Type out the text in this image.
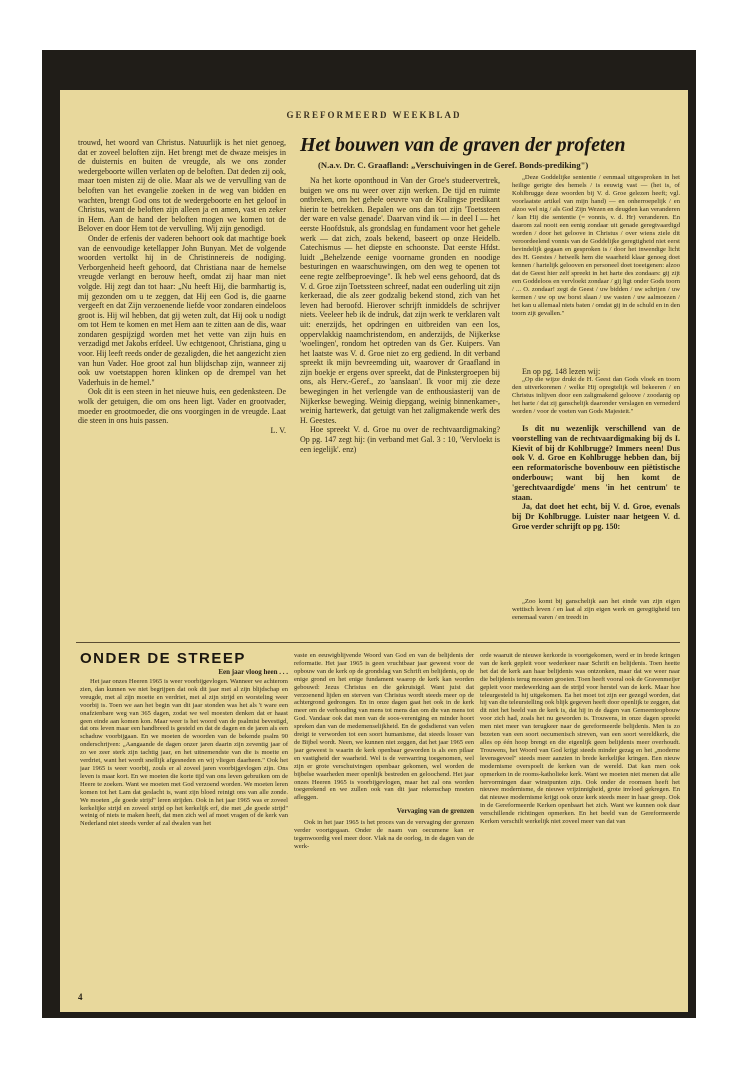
GEREFORMEERD WEEKBLAD

trouwd, het woord van Christus. Natuurlijk is het niet genoeg, dat er zoveel beloften zijn. Het brengt met de dwaze meisjes in de duisternis en buiten de vreugde, als we ons zonder wedergeboorte willen verlaten op de beloften. Dat deden zij ook, maar toen misten zij de olie. Maar als we de vervulling van de beloften van het evangelie zoeken in de weg van bidden en wachten, brengt God ons tot de wedergeboorte en het geloof in Christus, want de beloften zijn alleen ja en amen, vast en zeker in Hem. Aan de hand der beloften mogen we komen tot de Belover en door Hem tot de vervulling. Wij zijn genodigd.

Onder de erfenis der vaderen behoort ook dat machtige boek van de eenvoudige ketellapper John Bunyan. Met de volgende woorden vertolkt hij in de Christinnereis de nodiging. Verborgenheid heeft gehoord, dat Christiana naar de hemelse vreugde verlangt en berouw heeft, omdat zij haar man niet volgde. Hij zegt dan tot haar: „Nu heeft Hij, die barmhartig is, mij gezonden om u te zeggen, dat Hij een God is, die gaarne vergeeft en dat Zijn verzoenende liefde voor zondaren eindeloos groot is. Hij wil hebben, dat gij weten zult, dat Hij ook u nodigt om tot Hem te komen en met Hem aan te zitten aan de dis, waar zondaren gespijzigd worden met het vette van zijn huis en verzadigd met Jakobs erfdeel. Uw echtgenoot, Christiana, ging u voor. Hij leeft reeds onder de gezaligden, die het aangezicht zien van hun Vader. Hoe groot zal hun blijdschap zijn, wanneer zij ook uw voetstappen horen klinken op de drempel van het Vaderhuis in de hemel."

Ook dit is een steen in het nieuwe huis, een gedenksteen. De wolk der getuigen, die om ons heen ligt. Vader en grootvader, moeder en grootmoeder, die ons voorgingen in de vreugde. Laat die steen in ons huis passen.

L. V.

Het bouwen van de graven der profeten
(N.a.v. Dr. C. Graafland: „Verschuivingen in de Geref. Bonds-prediking")

Na het korte oponthoud in Van der Groe's studeervertrek, buigen we ons nu weer over zijn werken. De tijd en ruimte ontbreken, om het gehele oeuvre van de Kralingse predikant hierin te betrekken. Bepalen we ons dan tot zijn 'Toetssteen der ware en valse genade'. Daarvan vind ik — in deel I — het eerste Hoofdstuk, als grondslag en fundament voor het gehele werk — dat zich, zoals bekend, baseert op onze Heidelb. Catechismus — het diepste en schoonste. Dat eerste Hfdst. luidt „Behelzende eenige voorname gronden en noodige besturingen en waarschuwingen, om den weg te openen tot eene regte zelfbeproevinge". Ik heb wel eens gehoord, dat ds V. d. Groe zijn Toetssteen schreef, nadat een ouderling uit zijn kerkeraad, die als zeer godzalig bekend stond, zich van het leven had beroofd. Hierover schrijft inmiddels de schrijver niets. Veeleer heb ik de indruk, dat zijn werk te verklaren valt uit: enerzijds, het opdringen en uitbreiden van een los, oppervlakkig naamchristendom, en anderzijds, de Nijkerkse 'woelingen', rondom het optreden van ds Ger. Kuipers. Van het laatste was V. d. Groe niet zo erg gediend. In dit verband spreekt ik mijn bevreemding uit, waarover dr Graafland in zijn boekje er ergens over spreekt, dat de Pinkstergroepen bij ons, als Herv.-Geref., zo 'aanslaan'. Ik voor mij zie deze bewegingen in het verlengde van de enthousiasterij van de Nijkerkse beweging. Weinig diepgang, weinig binnenkamer-, weinig hartewerk, dat getuigt van het zaligmakende werk des H. Geestes.

Hoe spreekt V. d. Groe nu over de rechtvaardigmaking? Op pg. 147 zegt hij: (in verband met Gal. 3 : 10, 'Vervloekt is een iegelijk'. enz)

„Deze Goddelijke sententie / eenmaal uitgesproken in het heilige gerigte des hemels / is eeuwig vast — (het is, of Kohlbrugge deze woorden bij V. d. Groe gelezen heeft; vgl. voorlaatste artikel van mijn hand) — en onherroepelijk / en alzoo wel nig / als God Zijn Wezen en deugden kan veranderen / kan Hij die sententie (= vonnis, v. d. Hr) veranderen. En daarom zal nooit een eenig zondaar uit genade geregtvaardigd worden / door het geloove in Christus / over wiens ziele dit veroordeelend vonnis van de Goddelijke geregtigheid niet eerst bevindelijk gegaan en gesproken is / door het inwendige licht des H. Geestes / hetwelk hem die waarheid klaar genoeg doet kennen / hartelijk gelooven en personeel doet toeeigenen: alzoo dat de Geest hier zelf spreekt in het harte des zondaars: gij zijt een Goddeloos en vervloekt zondaar / gij ligt onder Gods toorn / ... O. zondaar! zegt de Geest / uw bidden / uw schrijen / uw kermen / uw op uw borst slaan / uw vasten / uw aalmoezen / het kan u allemaal niets baten / omdat gij in de schuld en in den toorn zijt gevallen."

En op pg. 148 lezen wij:

„Op die wijze drukt de H. Geest dan Gods vloek en toorn den uitverkorenen / welke Hij opregtelijk wil bekeeren / en Christus inlijven door een zaligmakend geloove / zoodanig op het harte / dat zij ganschelijk daaronder verslagen en vernederd worden / voor de voeten van Gods Majesteit."

Is dit nu wezenlijk verschillend van de voorstelling van de rechtvaardigmaking bij ds I. Kievit of bij dr Kohlbrugge? Immers neen! Dus ook V. d. Groe en Kohlbrugge hebben dan, bij een reformatorische bovenbouw een piëtistische onderbouw; want bij hen komt de 'gerechtvaardigde' mens 'in het centrum' te staan.

Ja, dat doet het echt, bij V. d. Groe, evenals bij Dr Kohlbrugge. Luister naar hetgeen V. d. Groe verder schrijft op pg. 150:

„Zoo komt bij ganschelijk aan het einde van zijn eigen wettisch leven / en laat al zijn eigen werk en geregtigheid ten eenemaal varen / en treedt in

ONDER DE STREEP
Een jaar vloog heen . . .

Het jaar onzes Heeren 1965 is weer voorbijgevlogen. Wanneer we achterom zien, dan kunnen we niet begrijpen dat ook dit jaar met al zijn blijdschap en vreugde, met al zijn moeite en verdriet, met al zijn strijd en worsteling weer voorbij is. Toen we aan het begin van dit jaar stonden was het als 't ware een onafzienbare weg van 365 dagen, zodat we wel moesten denken dat er haast geen einde aan komen kon. Maar weer is het woord van de psalmist bevestigd, dat ons leven maar een handbreed is gesteld en dat de dagen en de jaren als een schaduw voorbijgaan. En we moeten de woorden van de bekende psalm 90 onderschrijven: „Aangaande de dagen onzer jaren daarin zijn zeventig jaar of zo we zeer sterk zijn tachtig jaar, en het uitnemendste van die is moeite en verdriet, want het wordt snellijk afgesneden en wij vliegen daarheen." Ook het jaar 1965 is weer voorbij, zouls er al zoveel jaren voorbijgevlogen zijn. Ons leven is maar kort. En we moeten die korte tijd van ons leven gebruiken om de Heere te zoeken. Want we moeten met God verzoend worden. We moeten leren komen tot het Lam dat geslacht is, want zijn bloed reinigt ons van alle zonde. We moeten „de goede strijd" leren strijden. Ook in het jaar 1965 was er zoveel kerkelijke strijd en zoveel strijd op het kerkelijk erf, die met „de goede strijd" weinig of niets te maken heeft, dat men zich wel af moet vragen of de kerk van Nederland niet steeds verder af zal dwalen van het

vaste en eeuwigblijvende Woord van God en van de belijdenis der reformatie. Het jaar 1965 is geen vruchtbaar jaar geweest voor de opbouw van de kerk op de grondslag van Schrift en belijdenis, op de enige grond en het enige fundament waarop de kerk kan worden gebouwd: Jezus Christus en die gekruisigd. Want juist dat verzoenend lijden en sterven van Christus wordt steeds meer op de achtergrond gedrongen. En in onze dagen gaat het ook in de kerk meer om de verhouding van mens tot mens dan om die van mens tot God. Vandaar ook dat men van de soos-vereniging en minder hoort spreken dan van de medemenselijkheid. En de godsdienst van velen dreigt te verworden tot een soort humanisme, dat steeds losser van de Bijbel wordt. Neen, we kunnen niet zeggen, dat het jaar 1965 een jaar geweest is waarin de kerk openbaar geworden is als een pilaar en vastigheid der waarheid. Wel is de verwarring toegenomen, wel zijn er grote verschuivingen openbaar gekomen, wel worden de bijbelse waarheden meer openlijk bestreden en geloochend. Het jaar onzes Heeren 1965 is voorbijgevlogen, maar het zal ons worden toegerekend en we zullen ook van dit jaar rekenschap moeten afleggen.

Vervaging van de grenzen

Ook in het jaar 1965 is het proces van de vervaging der grenzen verder voortgegaan. Onder de naam van oecumene kan er tegenwoordig veel meer door. Vlak na de oorlog, in de dagen van de werk-

orde waaruit de nieuwe kerkorde is voortgekomen, werd er in brede kringen van de kerk gepleit voor wederkeer naar Schrift en belijdenis. Toen heette het dat de kerk aan haar belijdenis was ontzonken, maar dat we weer naar die belijdenis terug moesten groeien. Toen heeft vooral ook de Gravenmeijer gepleit voor medewerking aan de strijd voor herstel van de kerk. Maar hoe teleurgesteld is hij uitgekomen. Ea het moet tot zijn eer gezegd worden, dat hij van die teleurstelling ook blijk gegeven heeft door openlijk te zeggen, dat dit niet het beeld van de kerk is, dat hij in de dagen van Gemeenteopbouw voor zich had, zoals het nu geworden is. Trouwens, in onze dagen spreekt men niet meer van terugkeer naar de gereformeerde belijdenis. Men is zo bezeten van een soort oecumenisch streven, van een soort wereldkerk, die alles op één hoop brengt en die eigenlijk geen belijdenis meer overhoudt. Trouwens, het Woord van God krijgt steeds minder gezag en het „moderne levensgevoel" steeds meer aanzien in brede kerkelijke kringen. Een nieuw modernisme overspoelt de kerken van de wereld. Dat kan men ook opmerken in de rooms-katholieke kerk. Want we moeten niet menen dat alle hervormingen daar winstpunten zijn. Ook onder de roomsen heeft het nieuwe modernisme, de nieuwe vrijzinnigheid, grote invloed gekregen. En dat nieuwe modernisme krijgt ook onze kerk steeds meer in haar greep. Ook in de Gereformeerde Kerken openbaart het zich. Want we kunnen ook daar verschillende richtingen opmerken. En het beeld van de Gereformeerde Kerken verschilt werkelijk niet zoveel meer van dat van

4
